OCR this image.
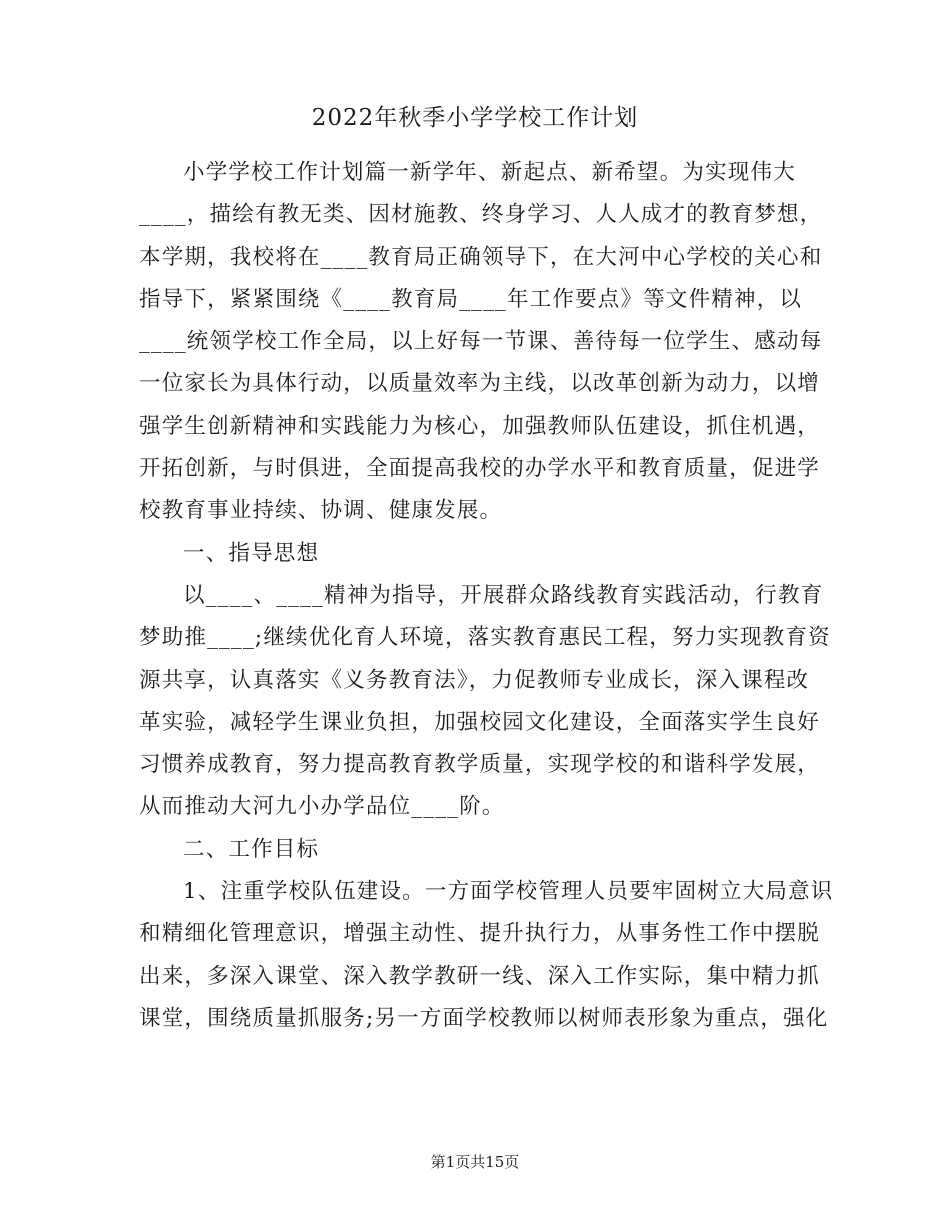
2022年秋季小学学校工作计划
小学学校工作计划篇一新学年、新起点、新希望。为实现伟大
____，描绘有教无类、因材施教、终身学习、人人成才的教育梦想，
本学期，我校将在____教育局正确领导下，在大河中心学校的关心和
指导下，紧紧围绕《____教育局____年工作要点》等文件精神，以
____统领学校工作全局，以上好每一节课、善待每一位学生、感动每
一位家长为具体行动，以质量效率为主线，以改革创新为动力，以增
强学生创新精神和实践能力为核心，加强教师队伍建设，抓住机遇，
开拓创新，与时俱进，全面提高我校的办学水平和教育质量，促进学
校教育事业持续、协调、健康发展。
一、指导思想
以____、____精神为指导，开展群众路线教育实践活动，行教育
梦助推____;继续优化育人环境，落实教育惠民工程，努力实现教育资
源共享，认真落实《义务教育法》，力促教师专业成长，深入课程改
革实验，减轻学生课业负担，加强校园文化建设，全面落实学生良好
习惯养成教育，努力提高教育教学质量，实现学校的和谐科学发展，
从而推动大河九小办学品位____阶。
二、工作目标
1、注重学校队伍建设。一方面学校管理人员要牢固树立大局意识
和精细化管理意识，增强主动性、提升执行力，从事务性工作中摆脱
出来，多深入课堂、深入教学教研一线、深入工作实际，集中精力抓
课堂，围绕质量抓服务;另一方面学校教师以树师表形象为重点，强化
第1页共15页
